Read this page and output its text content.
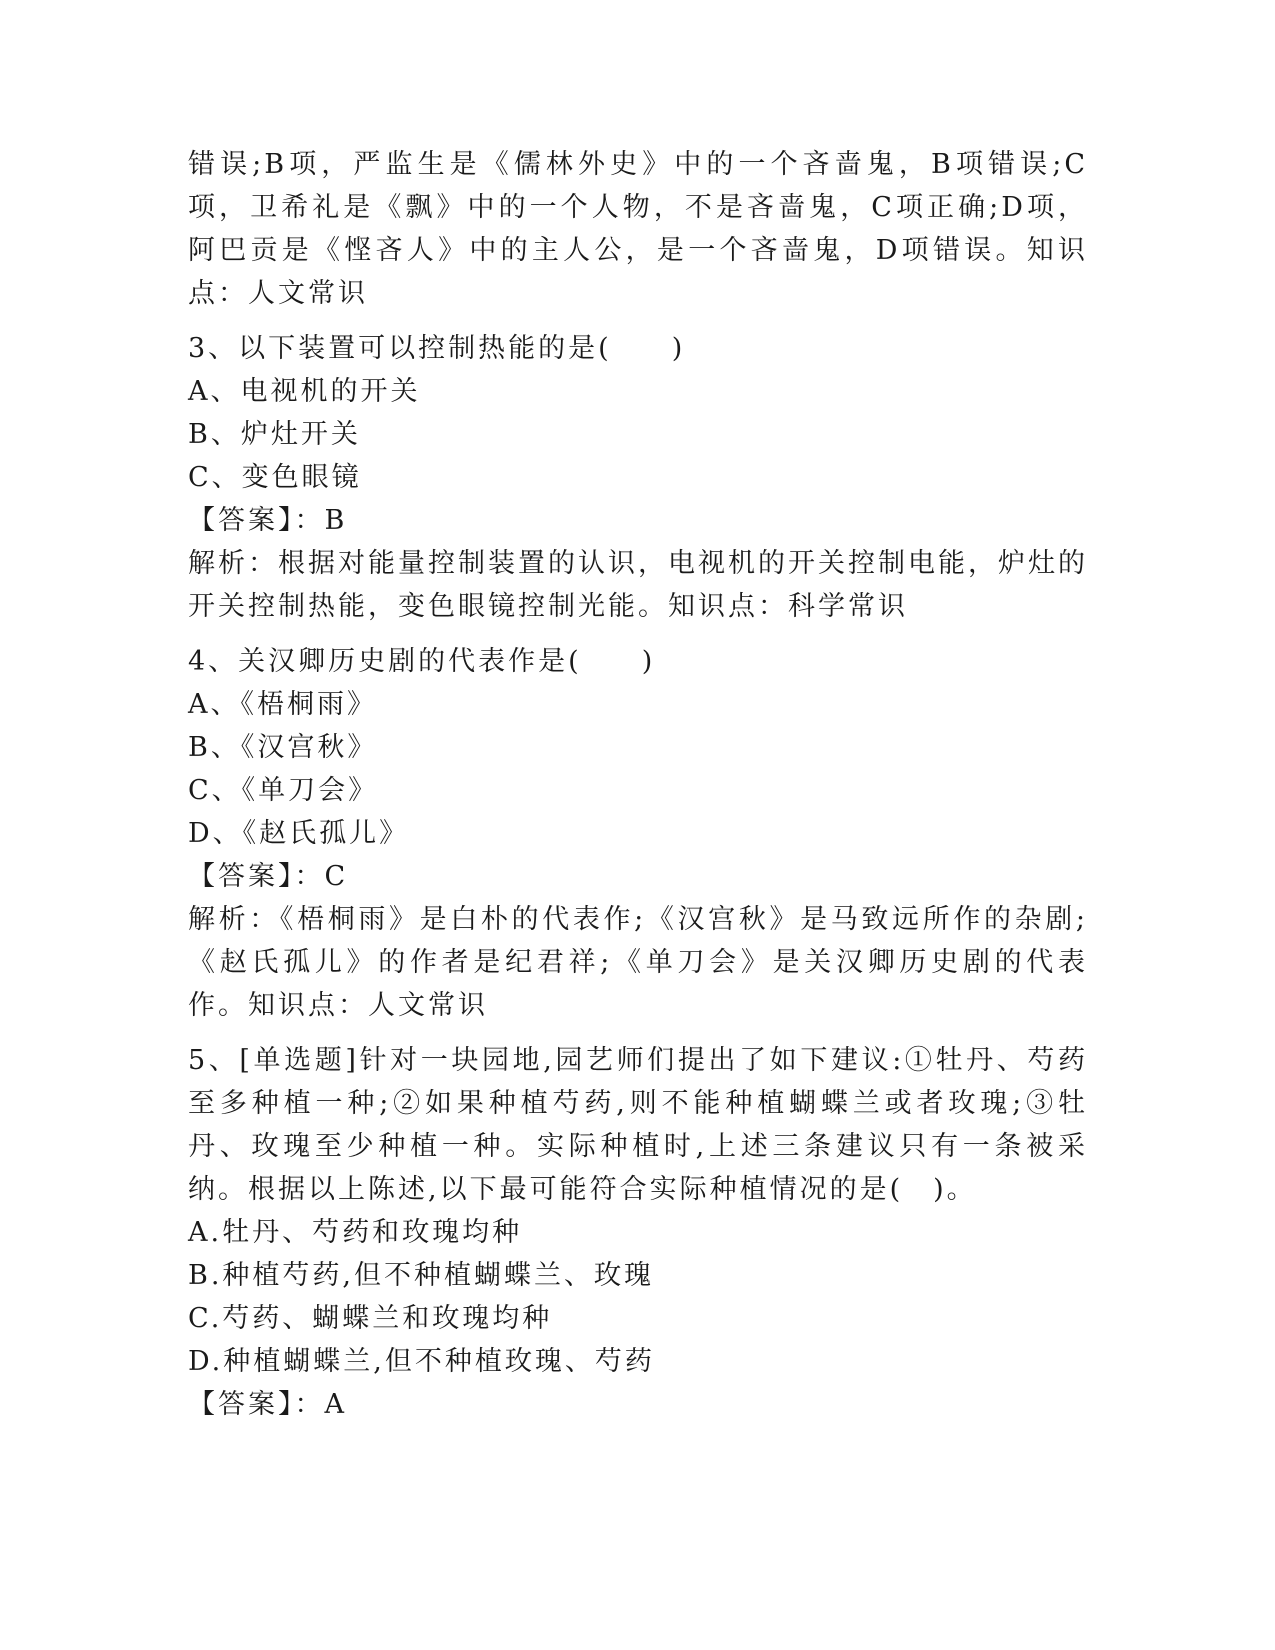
错误;B项，严监生是《儒林外史》中的一个吝啬鬼，B项错误;C项，卫希礼是《飘》中的一个人物，不是吝啬鬼，C项正确;D项，阿巴贡是《悭吝人》中的主人公，是一个吝啬鬼，D项错误。知识点：人文常识

3、以下装置可以控制热能的是(　　)

A、电视机的开关

B、炉灶开关

C、变色眼镜

【答案】：B

解析：根据对能量控制装置的认识，电视机的开关控制电能，炉灶的开关控制热能，变色眼镜控制光能。知识点：科学常识

4、关汉卿历史剧的代表作是(　　)

A、《梧桐雨》

B、《汉宫秋》

C、《单刀会》

D、《赵氏孤儿》

【答案】：C

解析：《梧桐雨》是白朴的代表作;《汉宫秋》是马致远所作的杂剧;《赵氏孤儿》的作者是纪君祥;《单刀会》是关汉卿历史剧的代表作。知识点：人文常识

5、[单选题]针对一块园地,园艺师们提出了如下建议:①牡丹、芍药至多种植一种;②如果种植芍药,则不能种植蝴蝶兰或者玫瑰;③牡丹、玫瑰至少种植一种。实际种植时,上述三条建议只有一条被采纳。根据以上陈述,以下最可能符合实际种植情况的是(　)。

A.牡丹、芍药和玫瑰均种

B.种植芍药,但不种植蝴蝶兰、玫瑰

C.芍药、蝴蝶兰和玫瑰均种

D.种植蝴蝶兰,但不种植玫瑰、芍药

【答案】：A
